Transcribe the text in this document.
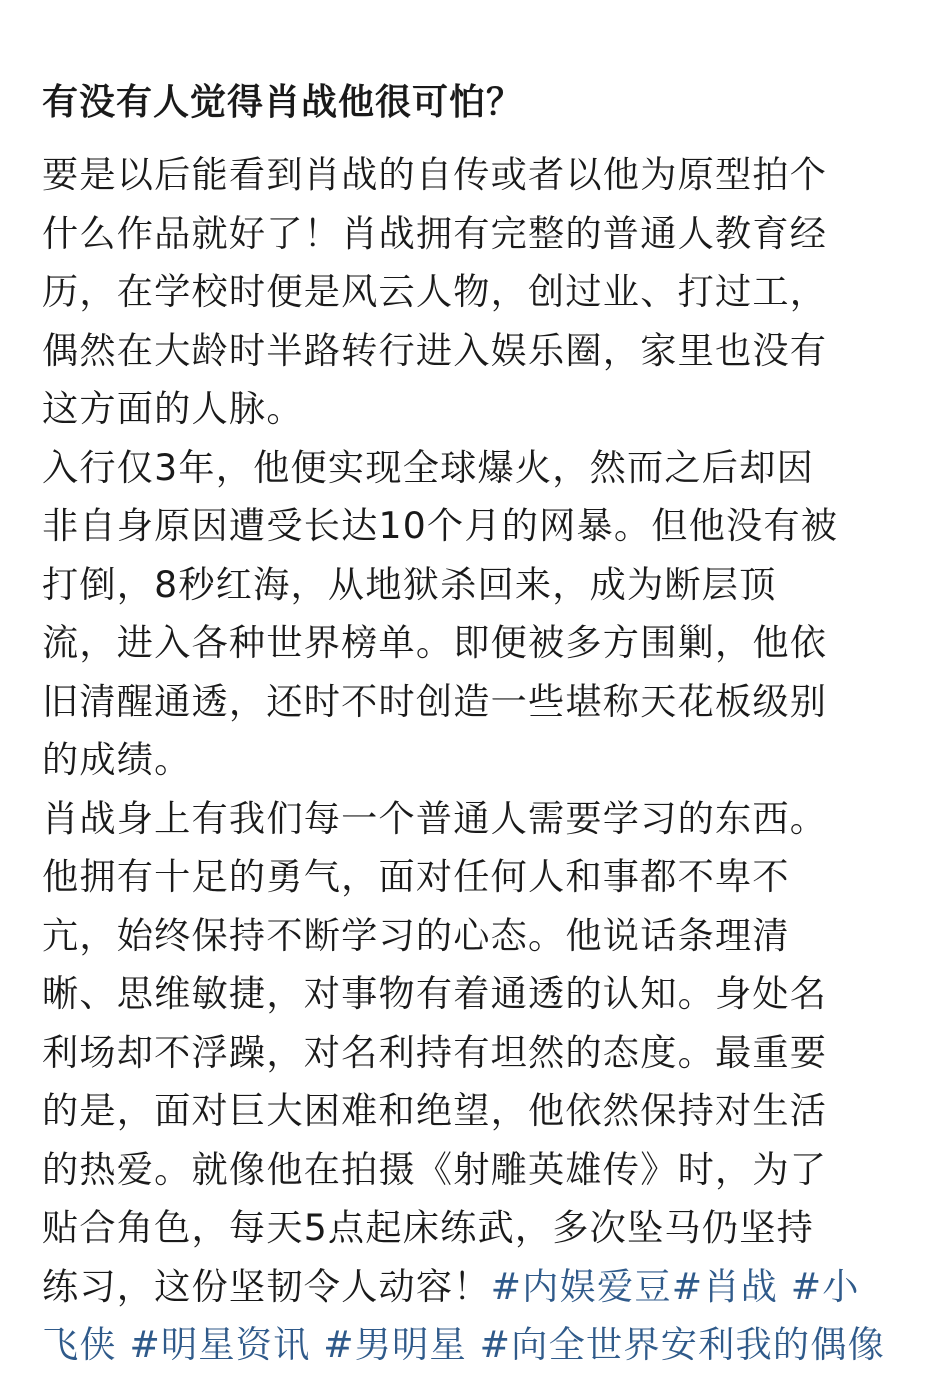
有没有人觉得肖战他很可怕？
要是以后能看到肖战的自传或者以他为原型拍个
什么作品就好了！肖战拥有完整的普通人教育经
历，在学校时便是风云人物，创过业、打过工，
偶然在大龄时半路转行进入娱乐圈，家里也没有
这方面的人脉。
入行仅3年，他便实现全球爆火，然而之后却因
非自身原因遭受长达10个月的网暴。但他没有被
打倒，8秒红海，从地狱杀回来，成为断层顶
流，进入各种世界榜单。即便被多方围剿，他依
旧清醒通透，还时不时创造一些堪称天花板级别
的成绩。
肖战身上有我们每一个普通人需要学习的东西。
他拥有十足的勇气，面对任何人和事都不卑不
亢，始终保持不断学习的心态。他说话条理清
晰、思维敏捷，对事物有着通透的认知。身处名
利场却不浮躁，对名利持有坦然的态度。最重要
的是，面对巨大困难和绝望，他依然保持对生活
的热爱。就像他在拍摄《射雕英雄传》时，为了
贴合角色，每天5点起床练武，多次坠马仍坚持
练习，这份坚韧令人动容！#内娱爱豆#肖战 #小
飞侠 #明星资讯 #男明星 #向全世界安利我的偶像
